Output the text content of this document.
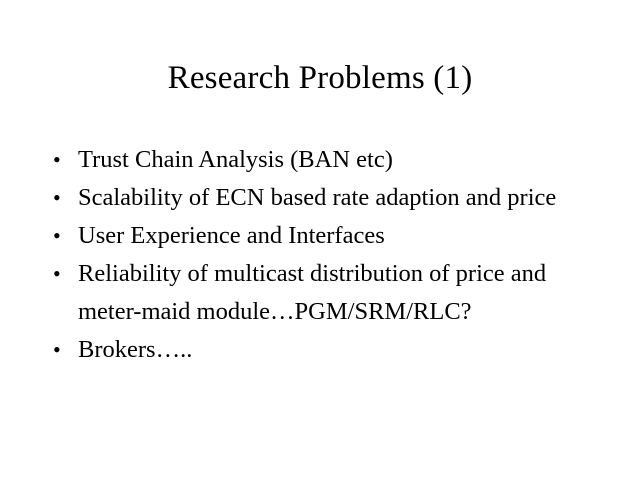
Research Problems (1)
• Trust Chain Analysis (BAN etc)
• Scalability of ECN based rate adaption and price
• User Experience and Interfaces
• Reliability of multicast distribution of price and meter-maid module…PGM/SRM/RLC?
• Brokers…..
